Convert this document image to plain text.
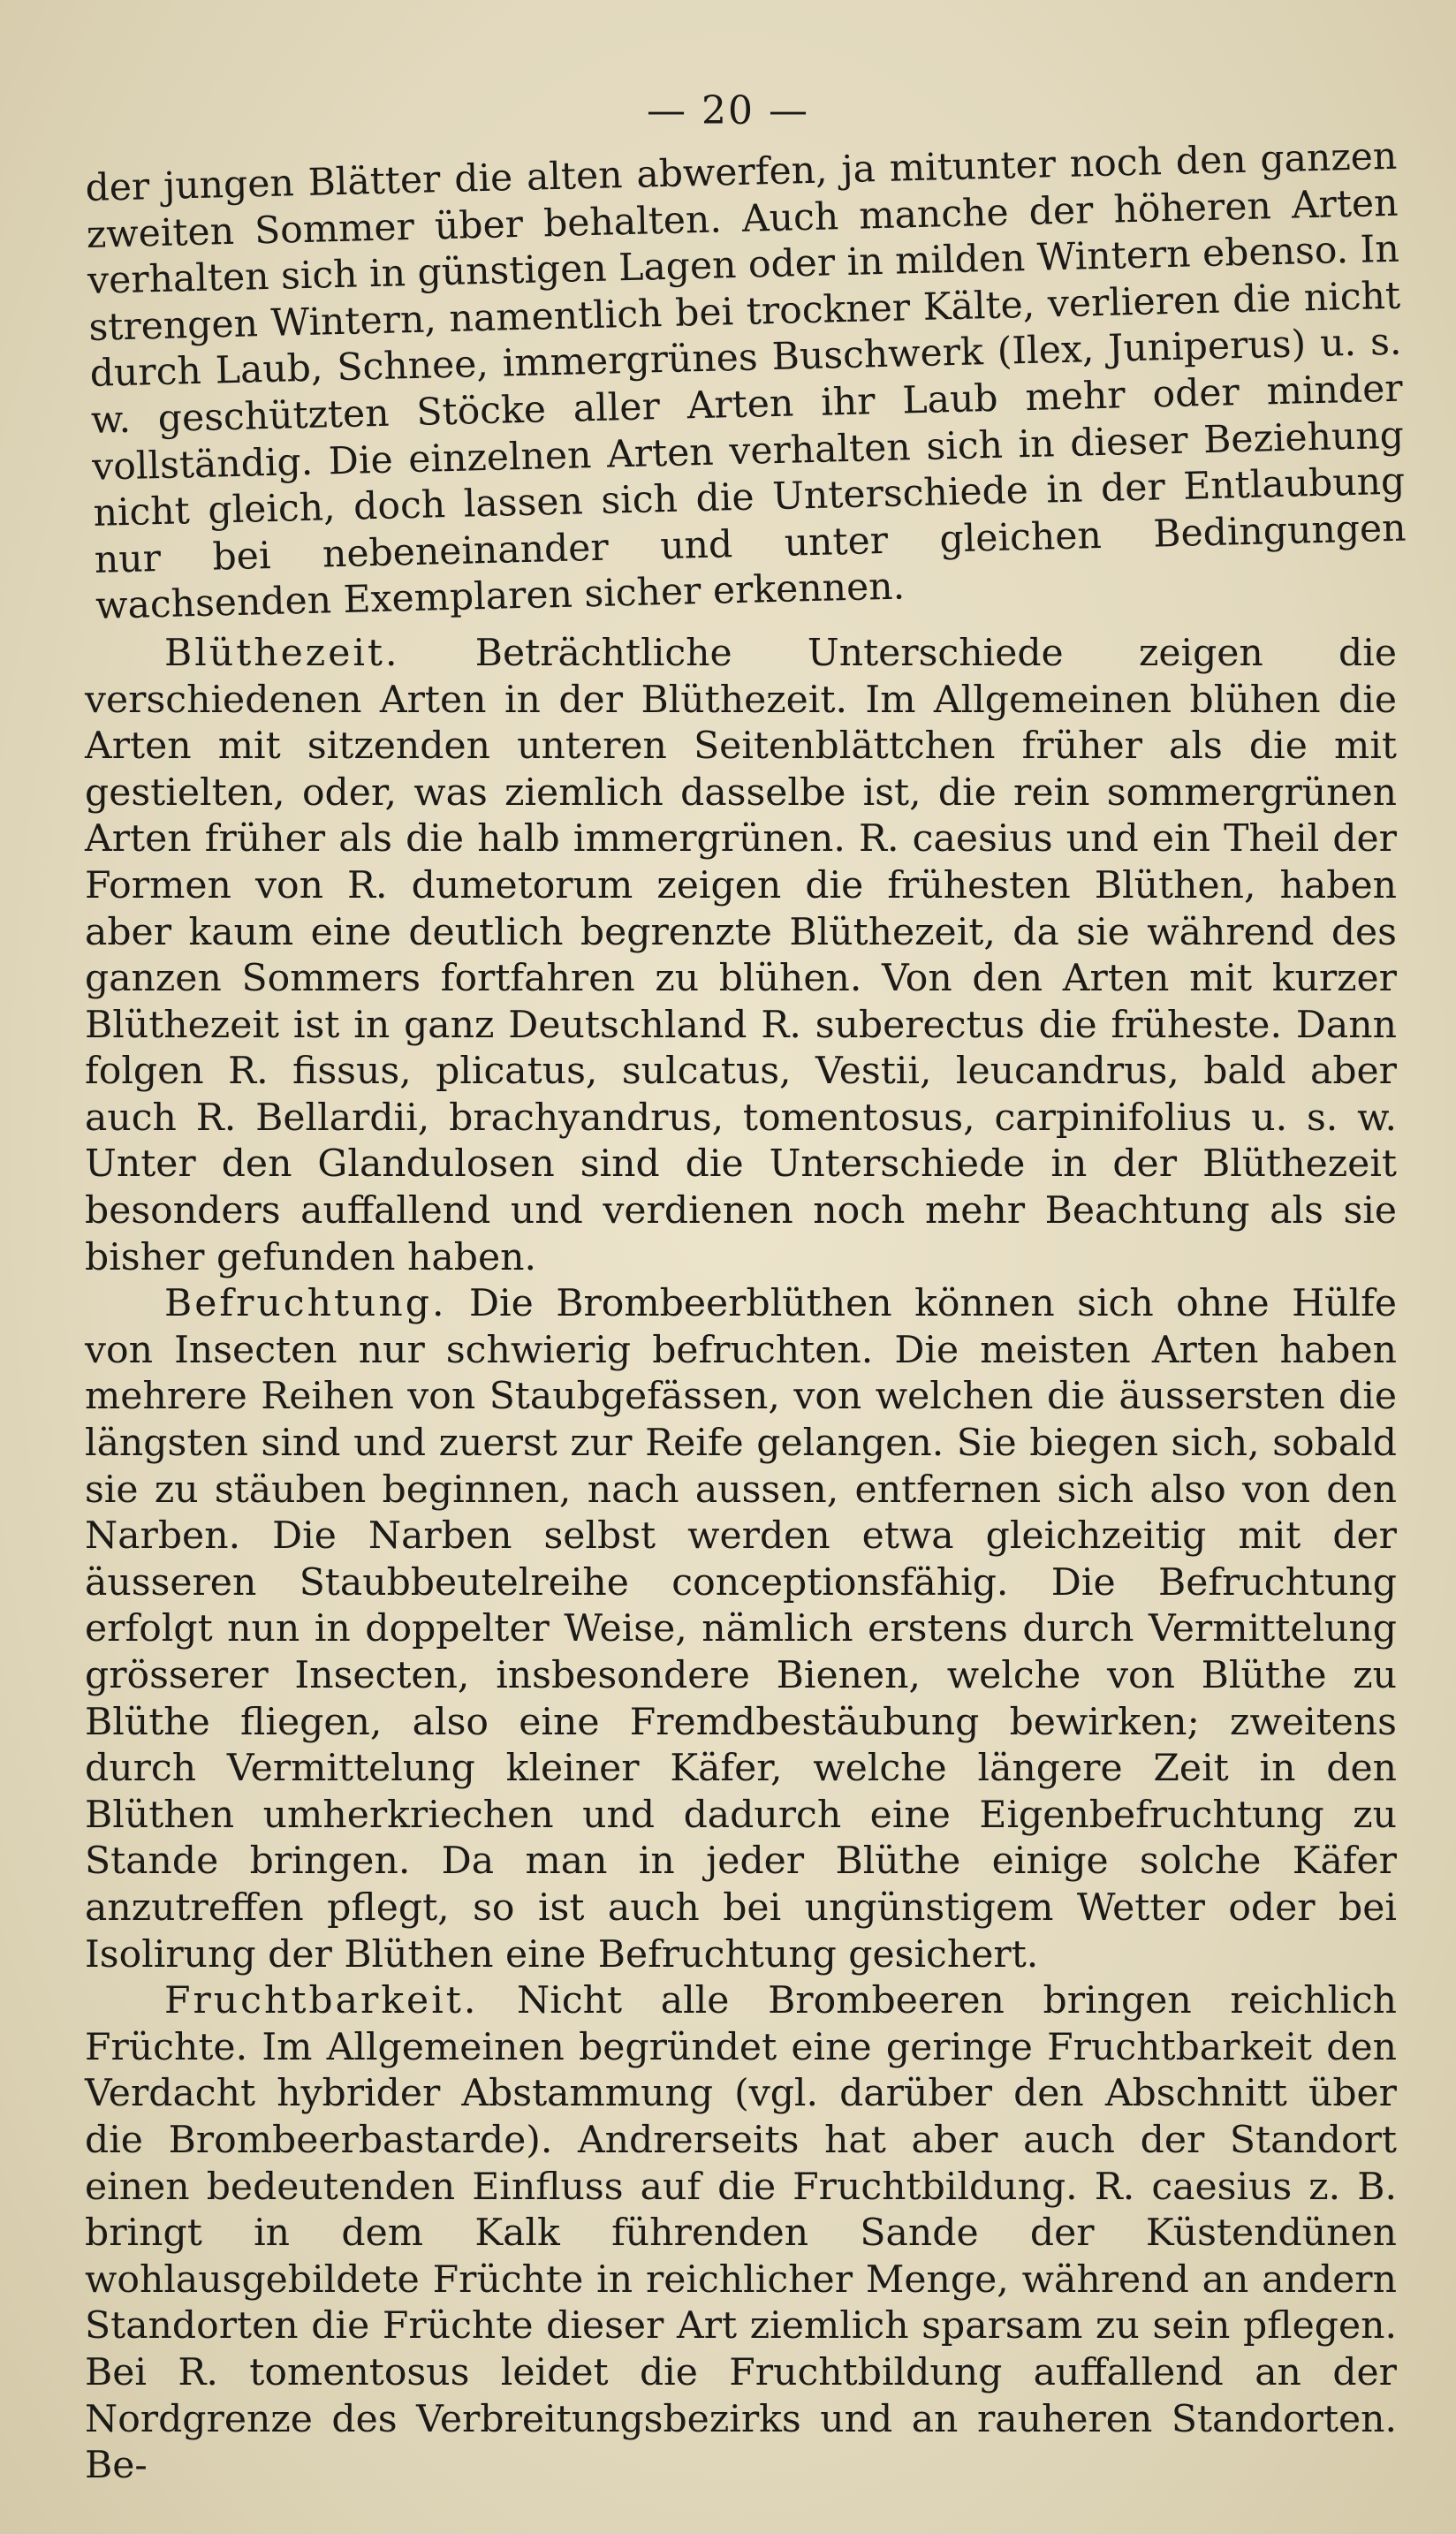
— 20 —

der jungen Blätter die alten abwerfen, ja mitunter noch den ganzen zweiten Sommer über behalten. Auch manche der höheren Arten verhalten sich in günstigen Lagen oder in milden Wintern ebenso. In strengen Wintern, namentlich bei trockner Kälte, verlieren die nicht durch Laub, Schnee, immergrünes Buschwerk (Ilex, Juniperus) u. s. w. geschützten Stöcke aller Arten ihr Laub mehr oder minder vollständig. Die einzelnen Arten verhalten sich in dieser Beziehung nicht gleich, doch lassen sich die Unterschiede in der Entlaubung nur bei nebeneinander und unter gleichen Bedingungen wachsenden Exemplaren sicher erkennen.

Blüthezeit. Beträchtliche Unterschiede zeigen die verschiedenen Arten in der Blüthezeit. Im Allgemeinen blühen die Arten mit sitzenden unteren Seitenblättchen früher als die mit gestielten, oder, was ziemlich dasselbe ist, die rein sommergrünen Arten früher als die halb immergrünen. R. caesius und ein Theil der Formen von R. dumetorum zeigen die frühesten Blüthen, haben aber kaum eine deutlich begrenzte Blüthezeit, da sie während des ganzen Sommers fortfahren zu blühen. Von den Arten mit kurzer Blüthezeit ist in ganz Deutschland R. suberectus die früheste. Dann folgen R. fissus, plicatus, sulcatus, Vestii, leucandrus, bald aber auch R. Bellardii, brachyandrus, tomentosus, carpinifolius u. s. w. Unter den Glandulosen sind die Unterschiede in der Blüthezeit besonders auffallend und verdienen noch mehr Beachtung als sie bisher gefunden haben.

Befruchtung. Die Brombeerblüthen können sich ohne Hülfe von Insecten nur schwierig befruchten. Die meisten Arten haben mehrere Reihen von Staubgefässen, von welchen die äussersten die längsten sind und zuerst zur Reife gelangen. Sie biegen sich, sobald sie zu stäuben beginnen, nach aussen, entfernen sich also von den Narben. Die Narben selbst werden etwa gleichzeitig mit der äusseren Staubbeutelreihe conceptionsfähig. Die Befruchtung erfolgt nun in doppelter Weise, nämlich erstens durch Vermittelung grösserer Insecten, insbesondere Bienen, welche von Blüthe zu Blüthe fliegen, also eine Fremdbestäubung bewirken; zweitens durch Vermittelung kleiner Käfer, welche längere Zeit in den Blüthen umherkriechen und dadurch eine Eigenbefruchtung zu Stande bringen. Da man in jeder Blüthe einige solche Käfer anzutreffen pflegt, so ist auch bei ungünstigem Wetter oder bei Isolirung der Blüthen eine Befruchtung gesichert.

Fruchtbarkeit. Nicht alle Brombeeren bringen reichlich Früchte. Im Allgemeinen begründet eine geringe Fruchtbarkeit den Verdacht hybrider Abstammung (vgl. darüber den Abschnitt über die Brombeerbastarde). Andrerseits hat aber auch der Standort einen bedeutenden Einfluss auf die Fruchtbildung. R. caesius z. B. bringt in dem Kalk führenden Sande der Küstendünen wohlausgebildete Früchte in reichlicher Menge, während an andern Standorten die Früchte dieser Art ziemlich sparsam zu sein pflegen. Bei R. tomentosus leidet die Fruchtbildung auffallend an der Nordgrenze des Verbreitungsbezirks und an rauheren Standorten. Be-
